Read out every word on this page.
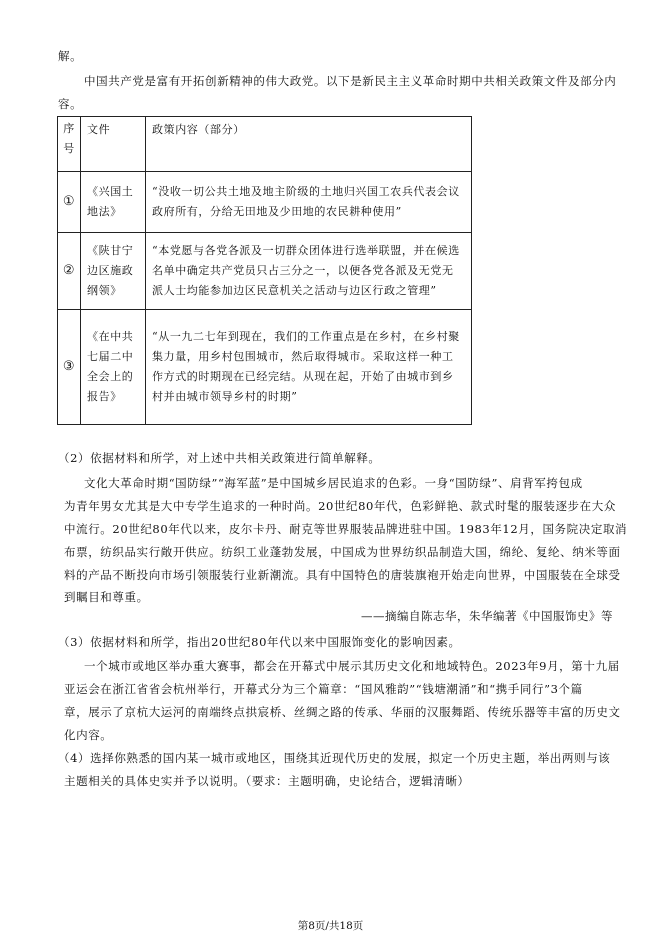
解。
中国共产党是富有开拓创新精神的伟大政党。以下是新民主主义革命时期中共相关政策文件及部分内
容。
序号	文件	政策内容（部分）
①	《兴国土地法》	“没收一切公共土地及地主阶级的土地归兴国工农兵代表会议政府所有，分给无田地及少田地的农民耕种使用”
②	《陕甘宁边区施政纲领》	“本党愿与各党各派及一切群众团体进行选举联盟，并在候选名单中确定共产党员只占三分之一，以便各党各派及无党无派人士均能参加边区民意机关之活动与边区行政之管理”
③	《在中共七届二中全会上的报告》	“从一九二七年到现在，我们的工作重点是在乡村，在乡村聚
集力量，用乡村包围城市，然后取得城市。采取这样一种工作方式的时期现在已经完结。从现在起，开始了由城市到乡村并由城市领导乡村的时期”
（2）依据材料和所学，对上述中共相关政策进行简单解释。
文化大革命时期“国防绿”“海军蓝”是中国城乡居民追求的色彩。一身“国防绿”、肩背军挎包成
为青年男女尤其是大中专学生追求的一种时尚。20世纪80年代，色彩鲜艳、款式时髦的服装逐步在大众
中流行。20世纪80年代以来，皮尔卡丹、耐克等世界服装品牌进驻中国。1983年12月，国务院决定取消
布票，纺织品实行敞开供应。纺织工业蓬勃发展，中国成为世界纺织品制造大国，绵纶、复纶、纳米等面
料的产品不断投向市场引领服装行业新潮流。具有中国特色的唐装旗袍开始走向世界，中国服装在全球受
到瞩目和尊重。
——摘编自陈志华，朱华编著《中国服饰史》等
（3）依据材料和所学，指出20世纪80年代以来中国服饰变化的影响因素。
一个城市或地区举办重大赛事，都会在开幕式中展示其历史文化和地域特色。2023年9月，第十九届
亚运会在浙江省省会杭州举行，开幕式分为三个篇章：“国风雅韵”“钱塘潮涌”和“携手同行”3个篇
章，展示了京杭大运河的南端终点拱宸桥、丝绸之路的传承、华丽的汉服舞蹈、传统乐器等丰富的历史文
化内容。
（4）选择你熟悉的国内某一城市或地区，围绕其近现代历史的发展，拟定一个历史主题，举出两则与该
主题相关的具体史实并予以说明。（要求：主题明确，史论结合，逻辑清晰）
第8页/共18页
